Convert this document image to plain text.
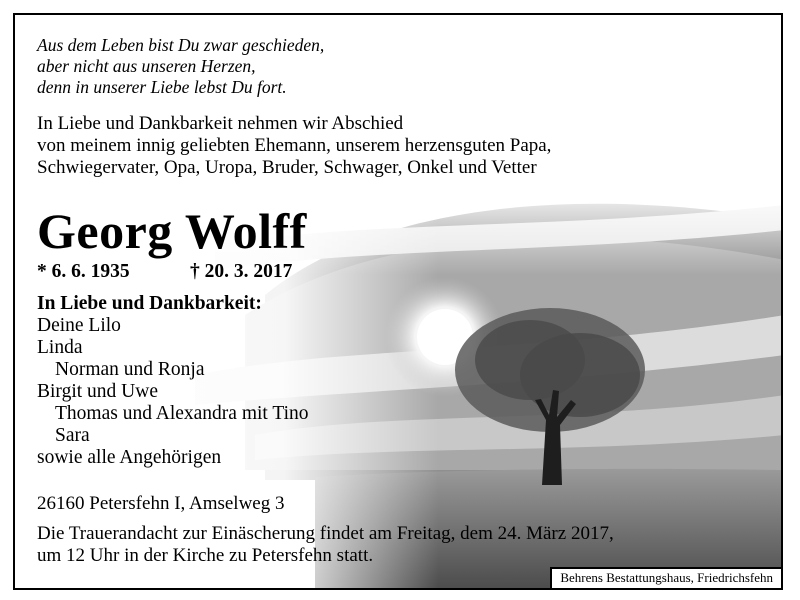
Aus dem Leben bist Du zwar geschieden,
aber nicht aus unseren Herzen,
denn in unserer Liebe lebst Du fort.
In Liebe und Dankbarkeit nehmen wir Abschied
von meinem innig geliebten Ehemann, unserem herzensguten Papa,
Schwiegervater, Opa, Uropa, Bruder, Schwager, Onkel und Vetter
Georg Wolff
* 6. 6. 1935	† 20. 3. 2017
In Liebe und Dankbarkeit:
Deine Lilo
Linda
Norman und Ronja
Birgit und Uwe
Thomas und Alexandra mit Tino
Sara
sowie alle Angehörigen
26160 Petersfehn I, Amselweg 3
Die Trauerandacht zur Einäscherung findet am Freitag, dem 24. März 2017,
um 12 Uhr in der Kirche zu Petersfehn statt.
Behrens Bestattungshaus, Friedrichsfehn
